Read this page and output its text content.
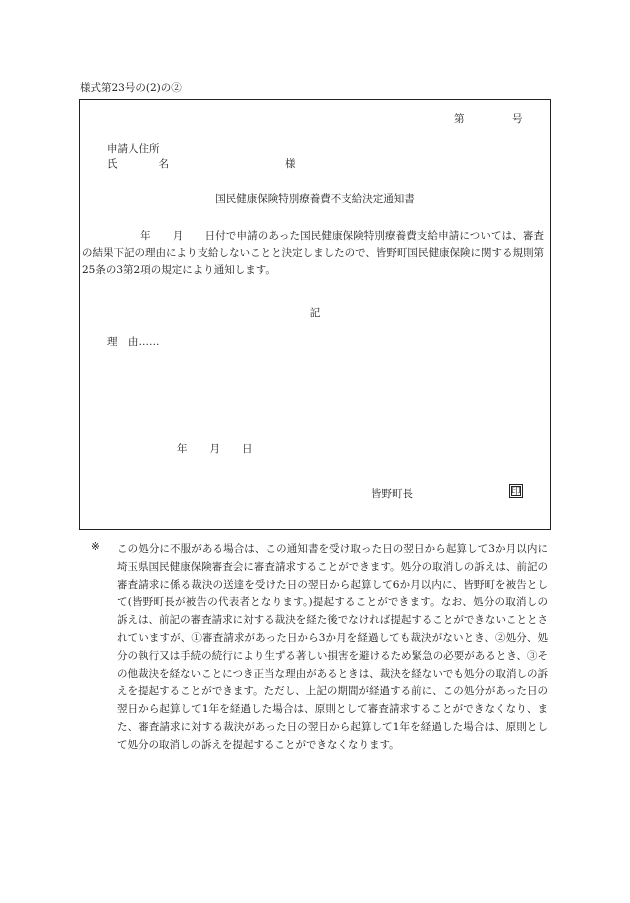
様式第23号の(2)の②
第	号
申請人住所
氏	名	様
国民健康保険特別療養費不支給決定通知書
年 月 日付で申請のあった国民健康保険特別療養費支給申請については、審査の結果下記の理由により支給しないことと決定しましたので、皆野町国民健康保険に関する規則第25条の3第2項の規定により通知します。
記
理　由……
年 月 日
皆野町長	印
※ この処分に不服がある場合は、この通知書を受け取った日の翌日から起算して3か月以内に埼玉県国民健康保険審査会に審査請求することができます。処分の取消しの訴えは、前記の審査請求に係る裁決の送達を受けた日の翌日から起算して6か月以内に、皆野町を被告として(皆野町長が被告の代表者となります。)提起することができます。なお、処分の取消しの訴えは、前記の審査請求に対する裁決を経た後でなければ提起することができないこととされていますが、①審査請求があった日から3か月を経過しても裁決がないとき、②処分、処分の執行又は手続の続行により生ずる著しい損害を避けるため緊急の必要があるとき、③その他裁決を経ないことにつき正当な理由があるときは、裁決を経ないでも処分の取消しの訴えを提起することができます。ただし、上記の期間が経過する前に、この処分があった日の翌日から起算して1年を経過した場合は、原則として審査請求することができなくなり、また、審査請求に対する裁決があった日の翌日から起算して1年を経過した場合は、原則として処分の取消しの訴えを提起することができなくなります。
